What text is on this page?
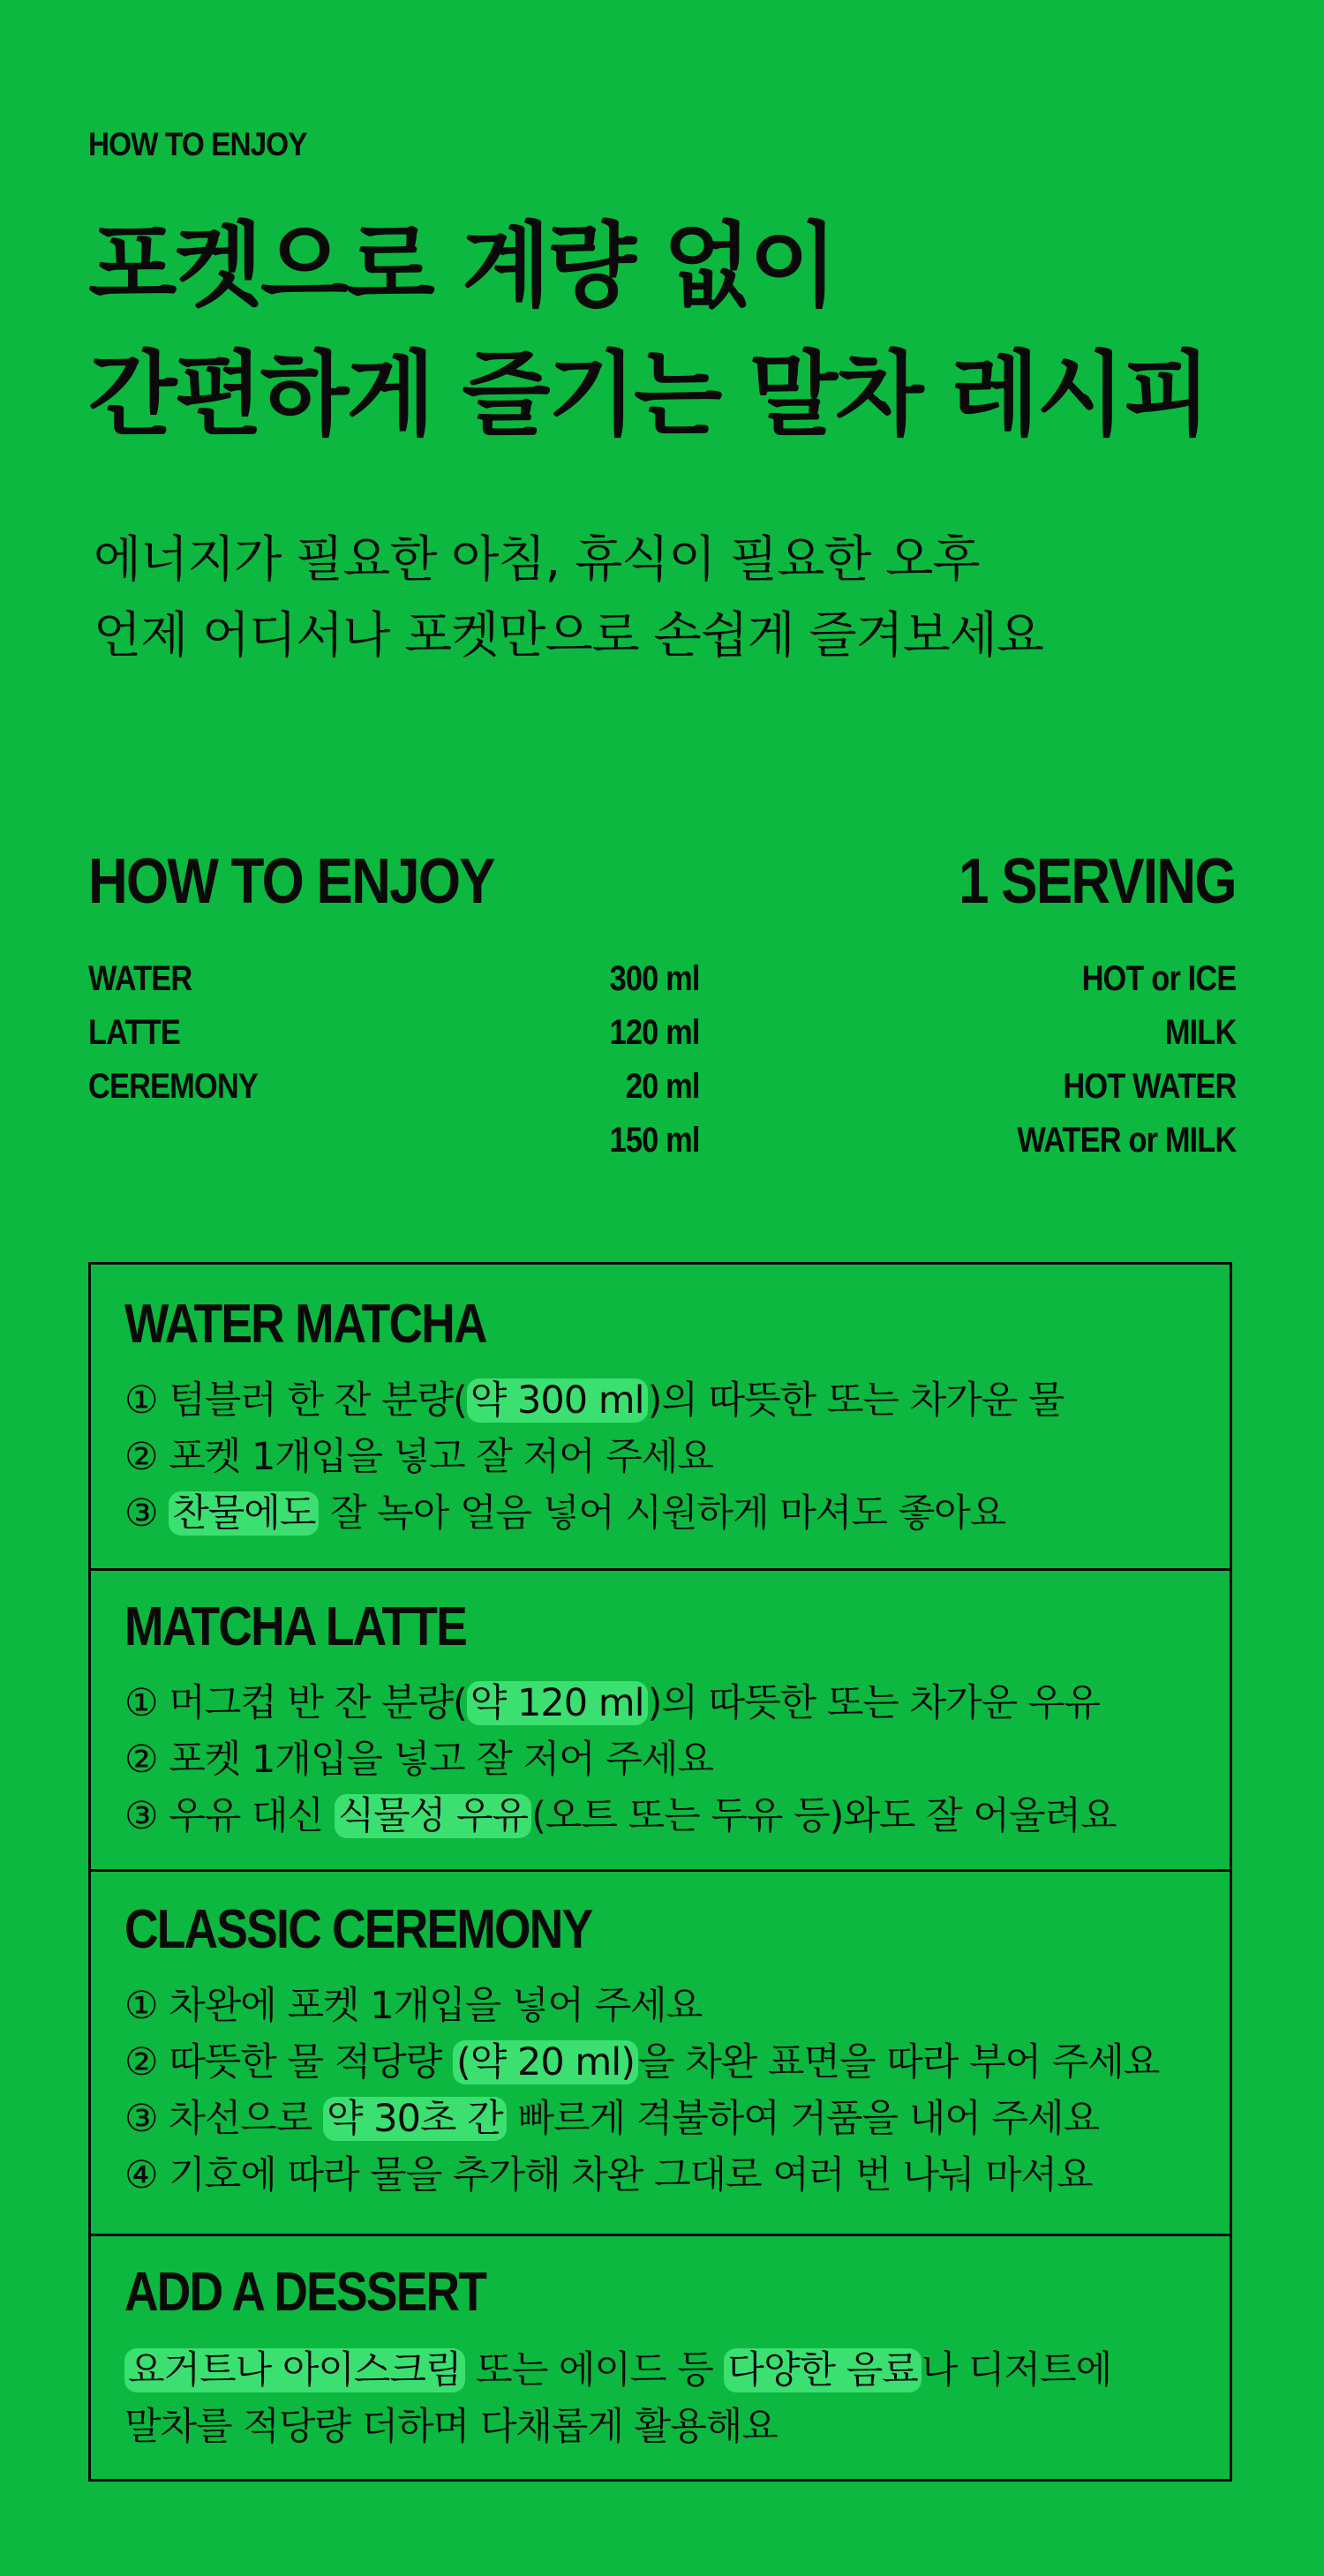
HOW TO ENJOY
포켓으로 계량 없이
간편하게 즐기는 말차 레시피
에너지가 필요한 아침, 휴식이 필요한 오후
언제 어디서나 포켓만으로 손쉽게 즐겨보세요
HOW TO ENJOY	1 SERVING
WATER
LATTE
CEREMONY
300 ml
120 ml
20 ml
150 ml
HOT or ICE
MILK
HOT WATER
WATER or MILK
WATER MATCHA
① 텀블러 한 잔 분량(약 300 ml)의 따뜻한 또는 차가운 물
② 포켓 1개입을 넣고 잘 저어 주세요
③ 찬물에도 잘 녹아 얼음 넣어 시원하게 마셔도 좋아요
MATCHA LATTE
① 머그컵 반 잔 분량(약 120 ml)의 따뜻한 또는 차가운 우유
② 포켓 1개입을 넣고 잘 저어 주세요
③ 우유 대신 식물성 우유(오트 또는 두유 등)와도 잘 어울려요
CLASSIC CEREMONY
① 차완에 포켓 1개입을 넣어 주세요
② 따뜻한 물 적당량 (약 20 ml)을 차완 표면을 따라 부어 주세요
③ 차선으로 약 30초 간 빠르게 격불하여 거품을 내어 주세요
④ 기호에 따라 물을 추가해 차완 그대로 여러 번 나눠 마셔요
ADD A DESSERT
요거트나 아이스크림 또는 에이드 등 다양한 음료나 디저트에
말차를 적당량 더하며 다채롭게 활용해요
